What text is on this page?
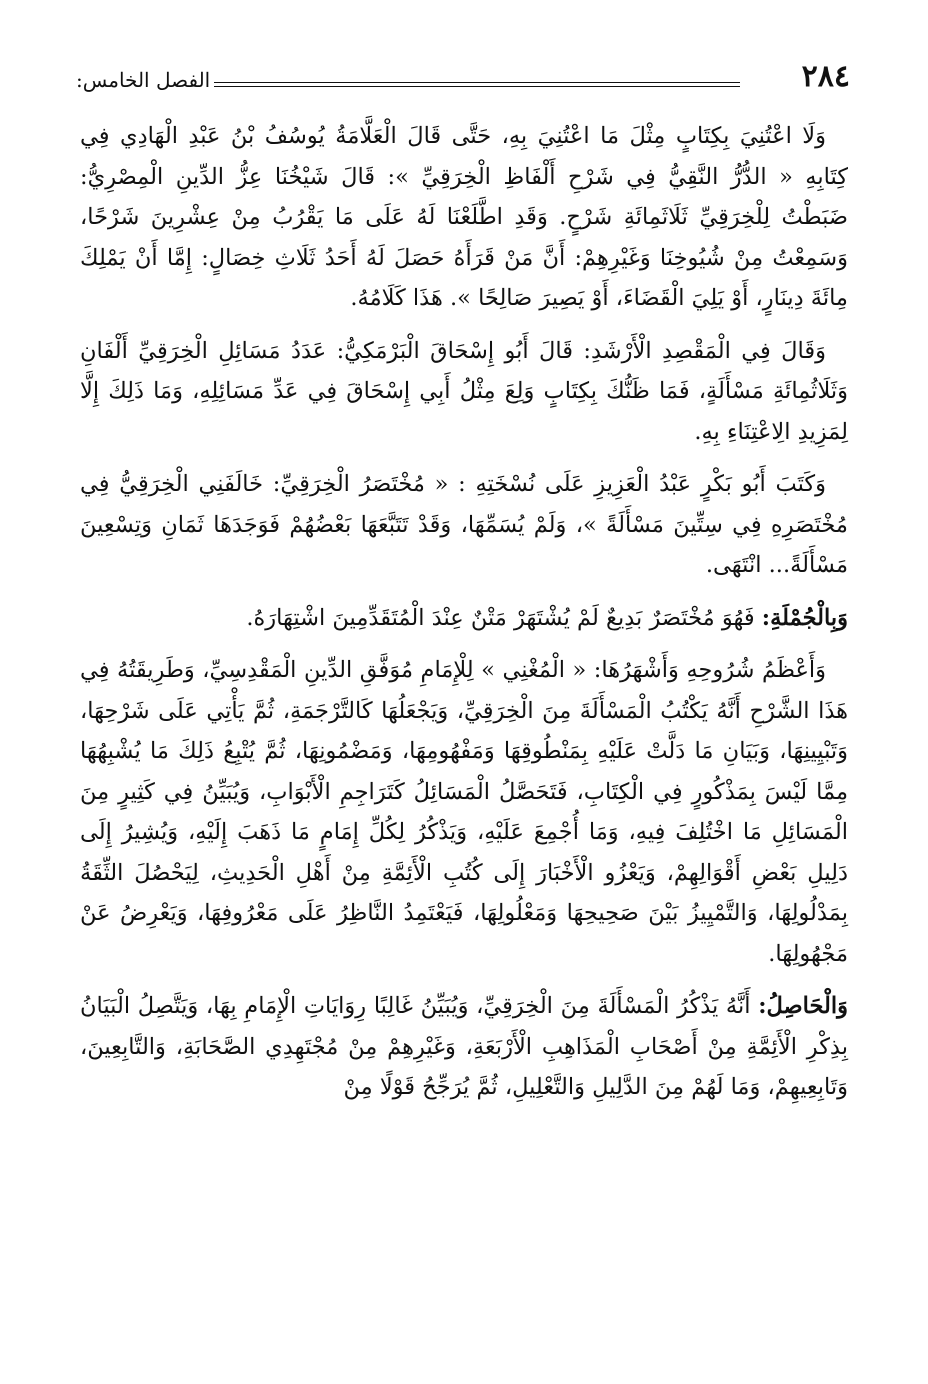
٢٨٤
الفصل الخامس:

وَلَا اعْتُنِيَ بِكِتَابٍ مِثْلَ مَا اعْتُنِيَ بِهِ، حَتَّى قَالَ الْعَلَّامَةُ يُوسُفُ بْنُ عَبْدِ الْهَادِي فِي كِتَابِهِ « الدُّرُّ النَّقِيُّ فِي شَرْحِ أَلْفَاظِ الْخِرَقِيِّ »: قَالَ شَيْخُنَا عِزُّ الدِّينِ الْمِصْرِيُّ: ضَبَطْتُ لِلْخِرَقِيِّ ثَلَاثَمِائَةِ شَرْحٍ. وَقَدِ اطَّلَعْنَا لَهُ عَلَى مَا يَقْرُبُ مِنْ عِشْرِينَ شَرْحًا، وَسَمِعْتُ مِنْ شُيُوخِنَا وَغَيْرِهِمْ: أَنَّ مَنْ قَرَأَهُ حَصَلَ لَهُ أَحَدُ ثَلَاثِ خِصَالٍ: إِمَّا أَنْ يَمْلِكَ مِائَةَ دِينَارٍ، أَوْ يَلِيَ الْقَضَاءَ، أَوْ يَصِيرَ صَالِحًا ». هَذَا كَلَامُهُ.

وَقَالَ فِي الْمَقْصِدِ الْأَرْشَدِ: قَالَ أَبُو إِسْحَاقَ الْبَرْمَكِيُّ: عَدَدُ مَسَائِلِ الْخِرَقِيِّ أَلْفَانِ وَثَلَاثُمِائَةِ مَسْأَلَةٍ، فَمَا ظَنُّكَ بِكِتَابٍ وَلِعَ مِثْلُ أَبِي إِسْحَاقَ فِي عَدِّ مَسَائِلِهِ، وَمَا ذَلِكَ إِلَّا لِمَزِيدِ الِاعْتِنَاءِ بِهِ.

وَكَتَبَ أَبُو بَكْرٍ عَبْدُ الْعَزِيزِ عَلَى نُسْخَتِهِ : « مُخْتَصَرُ الْخِرَقِيِّ: خَالَفَنِي الْخِرَقِيُّ فِي مُخْتَصَرِهِ فِي سِتِّينَ مَسْأَلَةً »، وَلَمْ يُسَمِّهَا، وَقَدْ تَتَبَّعَهَا بَعْضُهُمْ فَوَجَدَهَا ثَمَانِ وَتِسْعِينَ مَسْأَلَةً... انْتَهَى.

وَبِالْجُمْلَةِ: فَهُوَ مُخْتَصَرٌ بَدِيعٌ لَمْ يُشْتَهَرْ مَتْنٌ عِنْدَ الْمُتَقَدِّمِينَ اشْتِهَارَهُ.

وَأَعْظَمُ شُرُوحِهِ وَأَشْهَرُهَا: « الْمُغْنِي » لِلْإِمَامِ مُوَفَّقِ الدِّينِ الْمَقْدِسِيِّ، وَطَرِيقَتُهُ فِي هَذَا الشَّرْحِ أَنَّهُ يَكْتُبُ الْمَسْأَلَةَ مِنَ الْخِرَقِيِّ، وَيَجْعَلُهَا كَالتَّرْجَمَةِ، ثُمَّ يَأْتِي عَلَى شَرْحِهَا، وَتَبْيِينِهَا، وَبَيَانِ مَا دَلَّتْ عَلَيْهِ بِمَنْطُوقِهَا وَمَفْهُومِهَا، وَمَضْمُونِهَا، ثُمَّ يُتْبِعُ ذَلِكَ مَا يُشْبِهُهَا مِمَّا لَيْسَ بِمَذْكُورٍ فِي الْكِتَابِ، فَتَحَصَّلُ الْمَسَائِلُ كَتَرَاجِمِ الْأَبْوَابِ، وَيُبَيِّنُ فِي كَثِيرٍ مِنَ الْمَسَائِلِ مَا اخْتُلِفَ فِيهِ، وَمَا أُجْمِعَ عَلَيْهِ، وَيَذْكُرُ لِكُلِّ إِمَامٍ مَا ذَهَبَ إِلَيْهِ، وَيُشِيرُ إِلَى دَلِيلِ بَعْضِ أَقْوَالِهِمْ، وَيَعْزُو الْأَخْبَارَ إِلَى كُتُبِ الْأَئِمَّةِ مِنْ أَهْلِ الْحَدِيثِ، لِيَحْصُلَ الثِّقَةُ بِمَدْلُولِهَا، وَالتَّمْيِيزُ بَيْنَ صَحِيحِهَا وَمَعْلُولِهَا، فَيَعْتَمِدُ النَّاظِرُ عَلَى مَعْرُوفِهَا، وَيَعْرِضُ عَنْ مَجْهُولِهَا.

وَالْحَاصِلُ: أَنَّهُ يَذْكُرُ الْمَسْأَلَةَ مِنَ الْخِرَقِيِّ، وَيُبَيِّنُ غَالِبًا رِوَايَاتِ الْإِمَامِ بِهَا، وَيَتَّصِلُ الْبَيَانُ بِذِكْرِ الْأَئِمَّةِ مِنْ أَصْحَابِ الْمَذَاهِبِ الْأَرْبَعَةِ، وَغَيْرِهِمْ مِنْ مُجْتَهِدِي الصَّحَابَةِ، وَالتَّابِعِينَ، وَتَابِعِيهِمْ، وَمَا لَهُمْ مِنَ الدَّلِيلِ وَالتَّعْلِيلِ، ثُمَّ يُرَجِّحُ قَوْلًا مِنْ
